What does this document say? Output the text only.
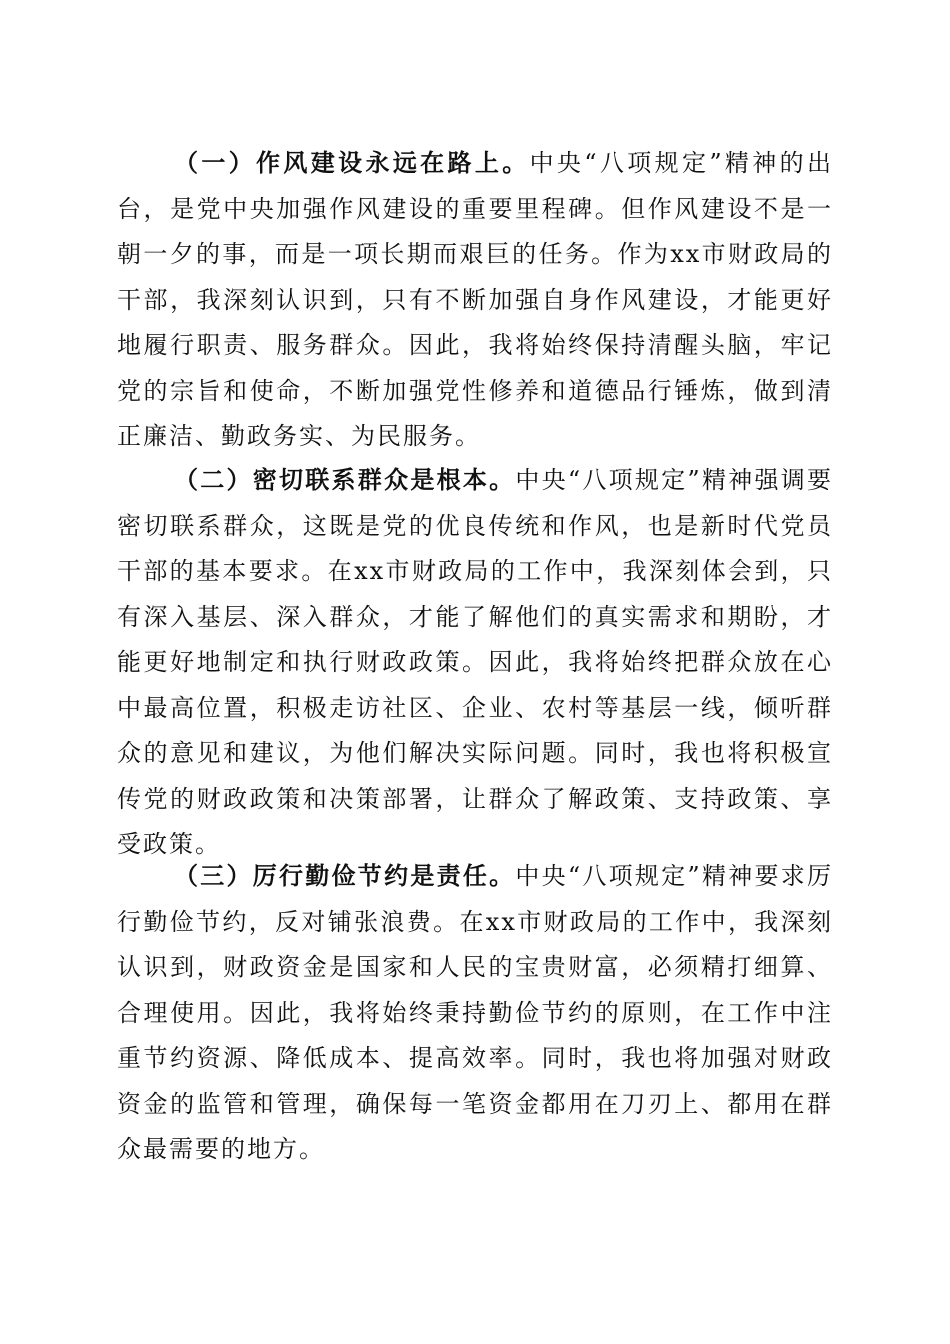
（一）作风建设永远在路上。中央“八项规定”精神的出台，是党中央加强作风建设的重要里程碑。但作风建设不是一朝一夕的事，而是一项长期而艰巨的任务。作为xx市财政局的干部，我深刻认识到，只有不断加强自身作风建设，才能更好地履行职责、服务群众。因此，我将始终保持清醒头脑，牢记党的宗旨和使命，不断加强党性修养和道德品行锤炼，做到清正廉洁、勤政务实、为民服务。

（二）密切联系群众是根本。中央“八项规定”精神强调要密切联系群众，这既是党的优良传统和作风，也是新时代党员干部的基本要求。在xx市财政局的工作中，我深刻体会到，只有深入基层、深入群众，才能了解他们的真实需求和期盼，才能更好地制定和执行财政政策。因此，我将始终把群众放在心中最高位置，积极走访社区、企业、农村等基层一线，倾听群众的意见和建议，为他们解决实际问题。同时，我也将积极宣传党的财政政策和决策部署，让群众了解政策、支持政策、享受政策。

（三）厉行勤俭节约是责任。中央“八项规定”精神要求厉行勤俭节约，反对铺张浪费。在xx市财政局的工作中，我深刻认识到，财政资金是国家和人民的宝贵财富，必须精打细算、合理使用。因此，我将始终秉持勤俭节约的原则，在工作中注重节约资源、降低成本、提高效率。同时，我也将加强对财政资金的监管和管理，确保每一笔资金都用在刀刃上、都用在群众最需要的地方。
